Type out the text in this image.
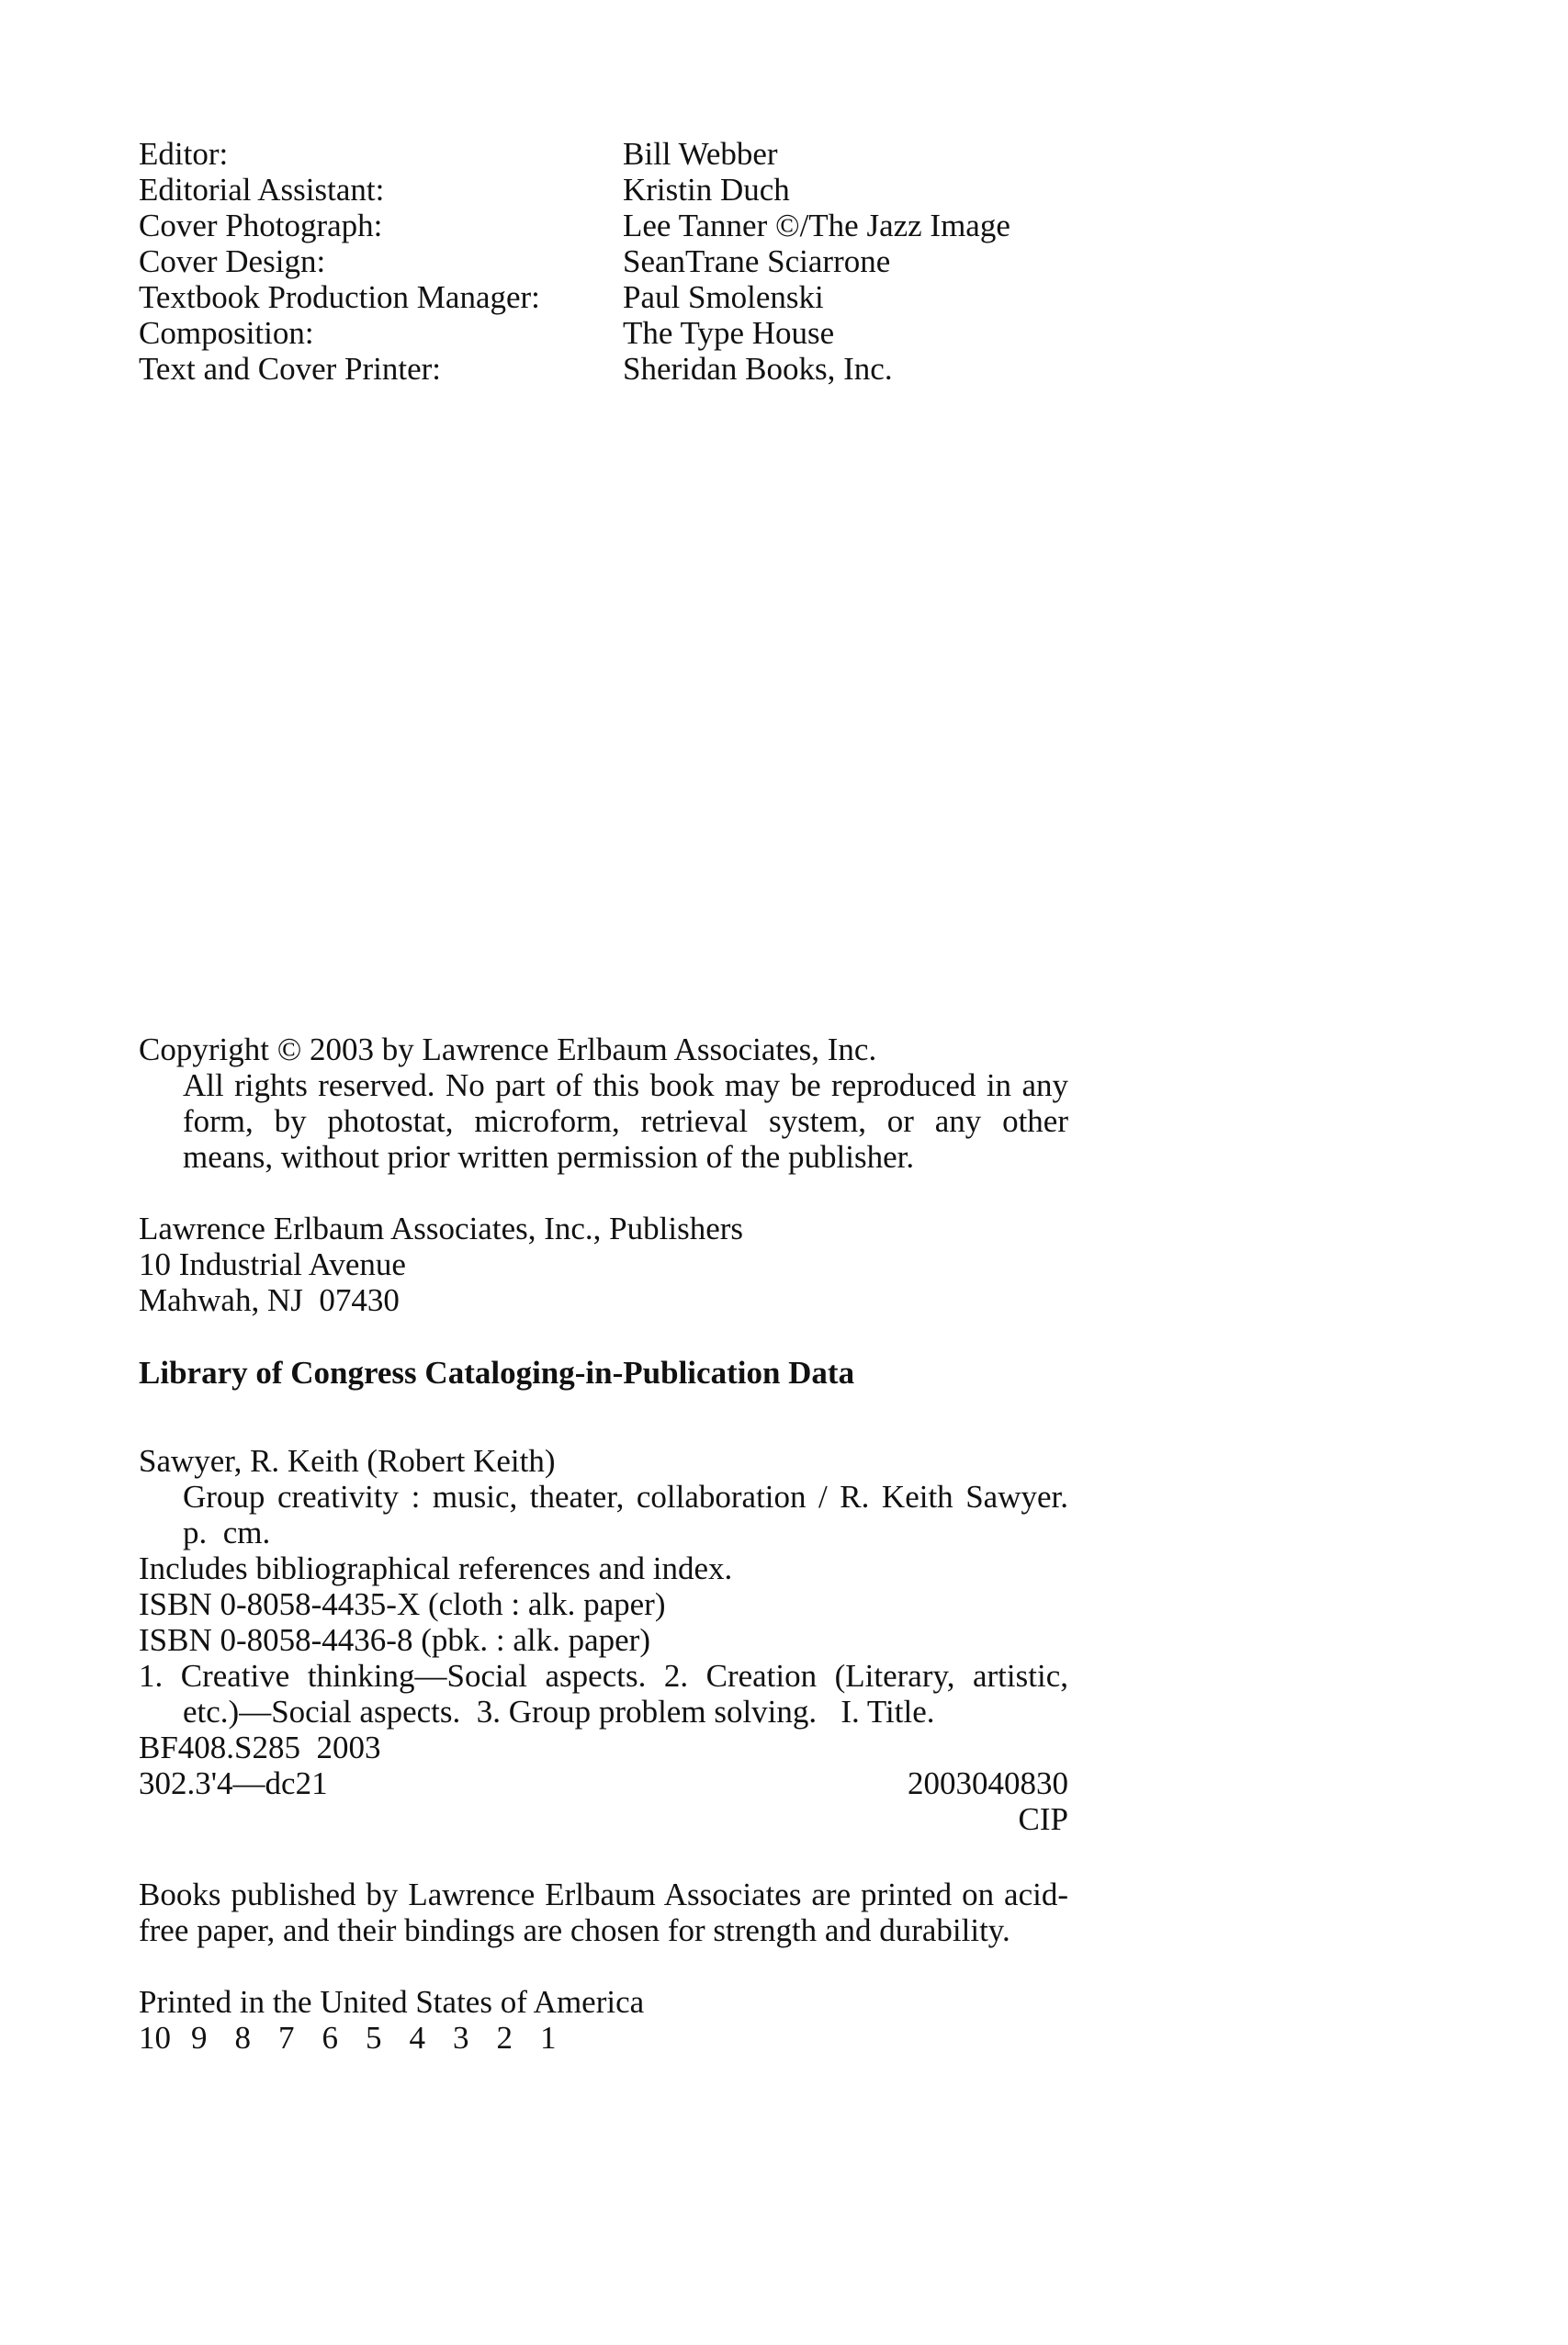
Editor:	Bill Webber
Editorial Assistant:	Kristin Duch
Cover Photograph:	Lee Tanner ©/The Jazz Image
Cover Design:	SeanTrane Sciarrone
Textbook Production Manager:	Paul Smolenski
Composition:	The Type House
Text and Cover Printer:	Sheridan Books, Inc.
Copyright © 2003 by Lawrence Erlbaum Associates, Inc.
All rights reserved. No part of this book may be reproduced in any
form, by photostat, microform, retrieval system, or any other
means, without prior written permission of the publisher.
Lawrence Erlbaum Associates, Inc., Publishers
10 Industrial Avenue
Mahwah, NJ  07430
Library of Congress Cataloging-in-Publication Data
Sawyer, R. Keith (Robert Keith)
Group creativity : music, theater, collaboration / R. Keith Sawyer.
p.  cm.
Includes bibliographical references and index.
ISBN 0-8058-4435-X (cloth : alk. paper)
ISBN 0-8058-4436-8 (pbk. : alk. paper)
1. Creative thinking—Social aspects. 2. Creation (Literary, artistic,
etc.)—Social aspects.  3. Group problem solving.   I. Title.
BF408.S285  2003
302.3'4—dc21	2003040830
CIP
Books published by Lawrence Erlbaum Associates are printed on acid-
free paper, and their bindings are chosen for strength and durability.
Printed in the United States of America
10 9 8 7 6 5 4 3 2 1
